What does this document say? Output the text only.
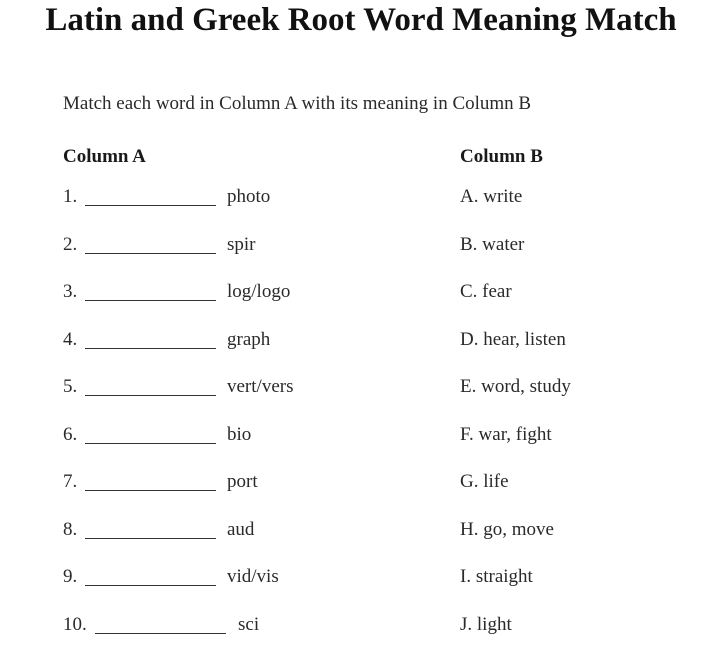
Latin and Greek Root Word Meaning Match
Match each word in Column A with its meaning in Column B
Column A	Column B
1.	photo	A. write
2.	spir	B. water
3.	log/logo	C. fear
4.	graph	D. hear, listen
5.	vert/vers	E. word, study
6.	bio	F. war, fight
7.	port	G. life
8.	aud	H. go, move
9.	vid/vis	I. straight
10.	sci	J. light
